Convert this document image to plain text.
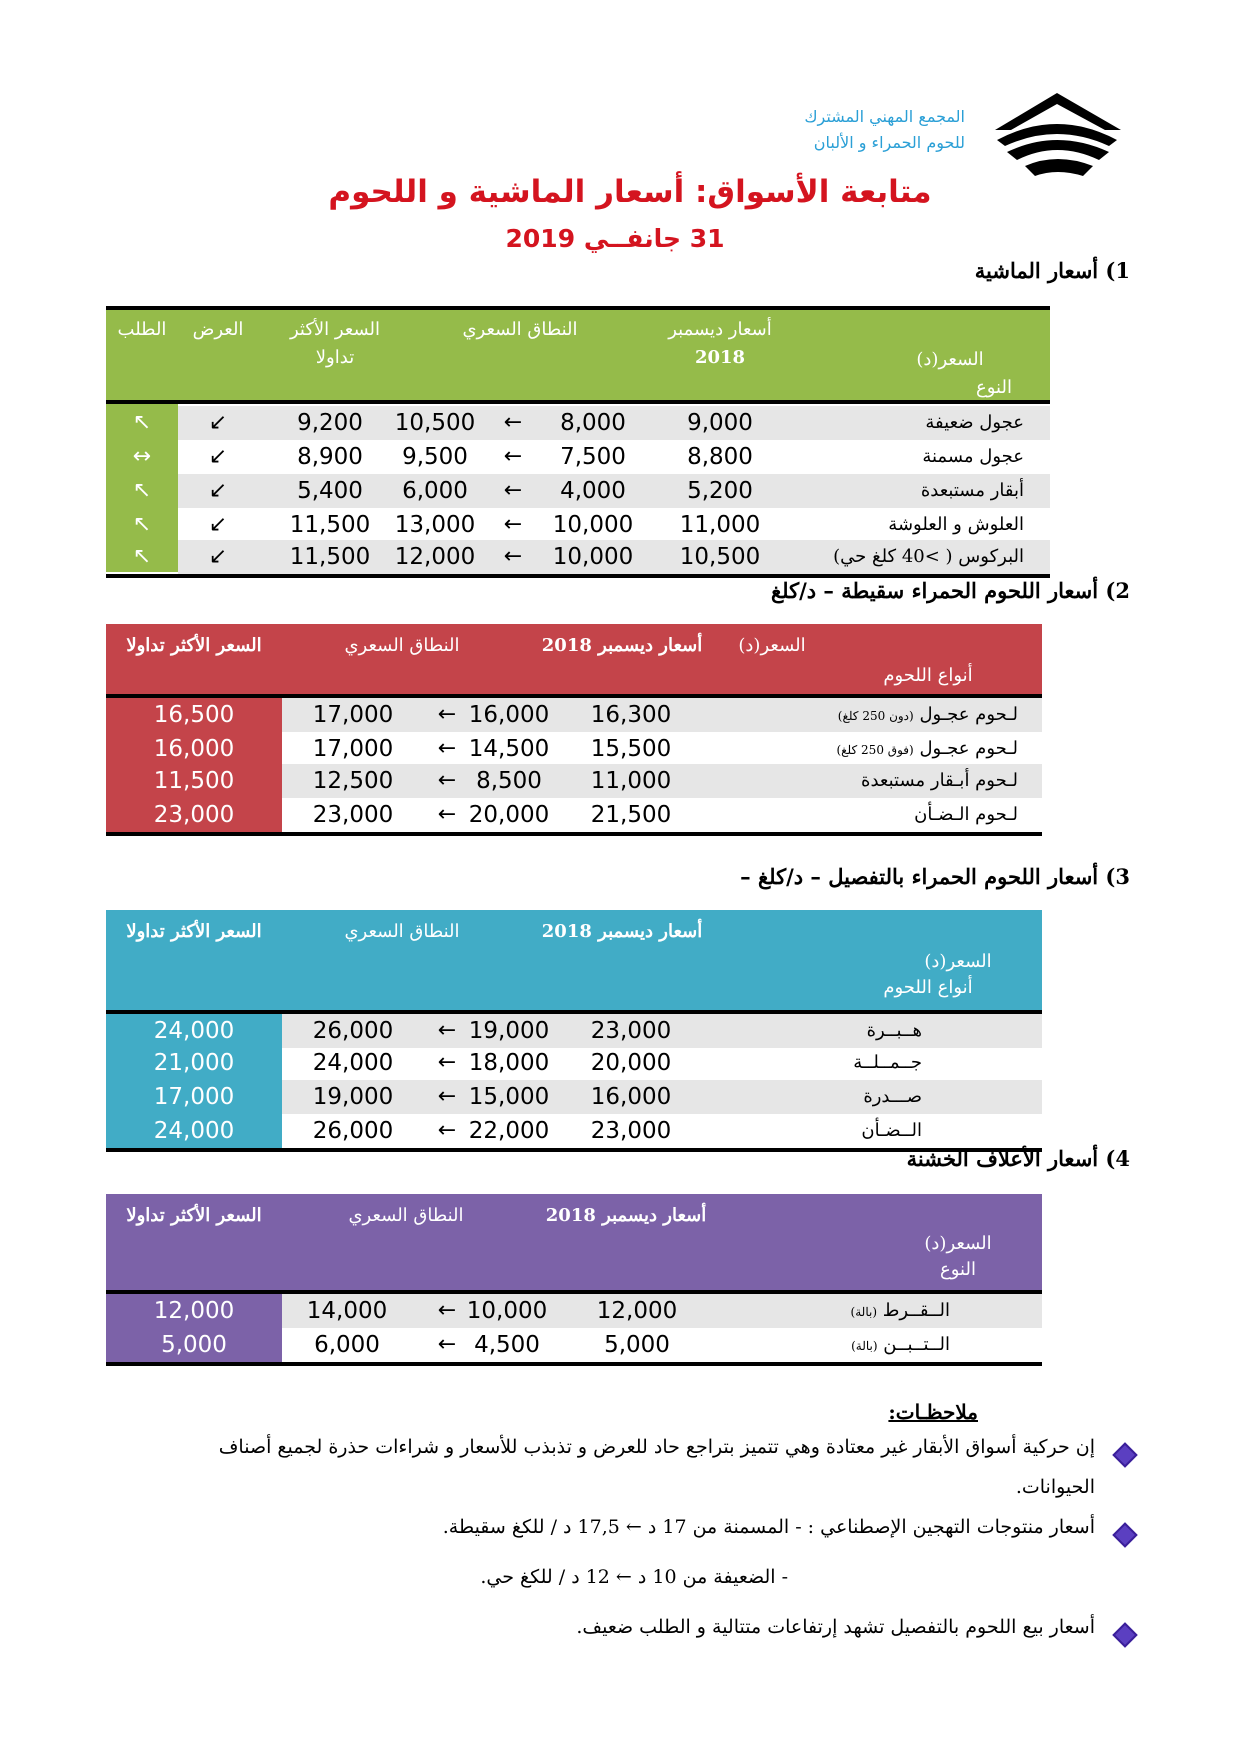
المجمع المهني المشترك
للحوم الحمراء و الألبان
متابعة الأسواق: أسعار الماشية و اللحوم
31 جانفــي 2019
1) أسعار الماشية
السعر(د)
النوع
أسعار ديسمبر
2018
النطاق السعري
السعر الأكثر
تداولا
العرض
الطلب
عجول ضعيفة
9,000
8,000
←
10,500
9,200
↙
↖
عجول مسمنة
8,800
7,500
←
9,500
8,900
↙
↔
أبقار مستبعدة
5,200
4,000
←
6,000
5,400
↙
↖
العلوش و العلوشة
11,000
10,000
←
13,000
11,500
↙
↖
البركوس ( >40 كلغ حي)
10,500
10,000
←
12,000
11,500
↙
↖
2) أسعار اللحوم الحمراء سقيطة – د/كلغ
السعر(د)
أنواع اللحوم
أسعار ديسمبر 2018
النطاق السعري
السعر الأكثر تداولا
لـحوم عجـول (دون 250 كلغ)
16,300
16,000
←
17,000
16,500
لـحوم عجـول (فوق 250 كلغ)
15,500
14,500
←
17,000
16,000
لـحوم أبـقار مستبعدة
11,000
8,500
←
12,500
11,500
لـحوم الـضـأن
21,500
20,000
←
23,000
23,000
3) أسعار اللحوم الحمراء بالتفصيل – د/كلغ –
السعر(د)
أنواع اللحوم
أسعار ديسمبر 2018
النطاق السعري
السعر الأكثر تداولا
هــبــرة
23,000
19,000
←
26,000
24,000
جــمــلــة
20,000
18,000
←
24,000
21,000
صـــدرة
16,000
15,000
←
19,000
17,000
الــضـأن
23,000
22,000
←
26,000
24,000
4) أسعار الأعلاف الخشنة
السعر(د)
النوع
أسعار ديسمبر 2018
النطاق السعري
السعر الأكثر تداولا
الــقــرط (بالة)
12,000
10,000
←
14,000
12,000
الــتــبــن (بالة)
5,000
4,500
←
6,000
5,000
ملاحظـات:
إن حركية أسواق الأبقار غير معتادة وهي تتميز بتراجع حاد للعرض و تذبذب للأسعار و شراءات حذرة لجميع أصناف
الحيوانات.
أسعار منتوجات التهجين الإصطناعي : - المسمنة من 17 د ← 17,5 د / للكغ سقيطة.
- الضعيفة من 10 د ← 12 د / للكغ حي.
أسعار بيع اللحوم بالتفصيل تشهد إرتفاعات متتالية و الطلب ضعيف.
